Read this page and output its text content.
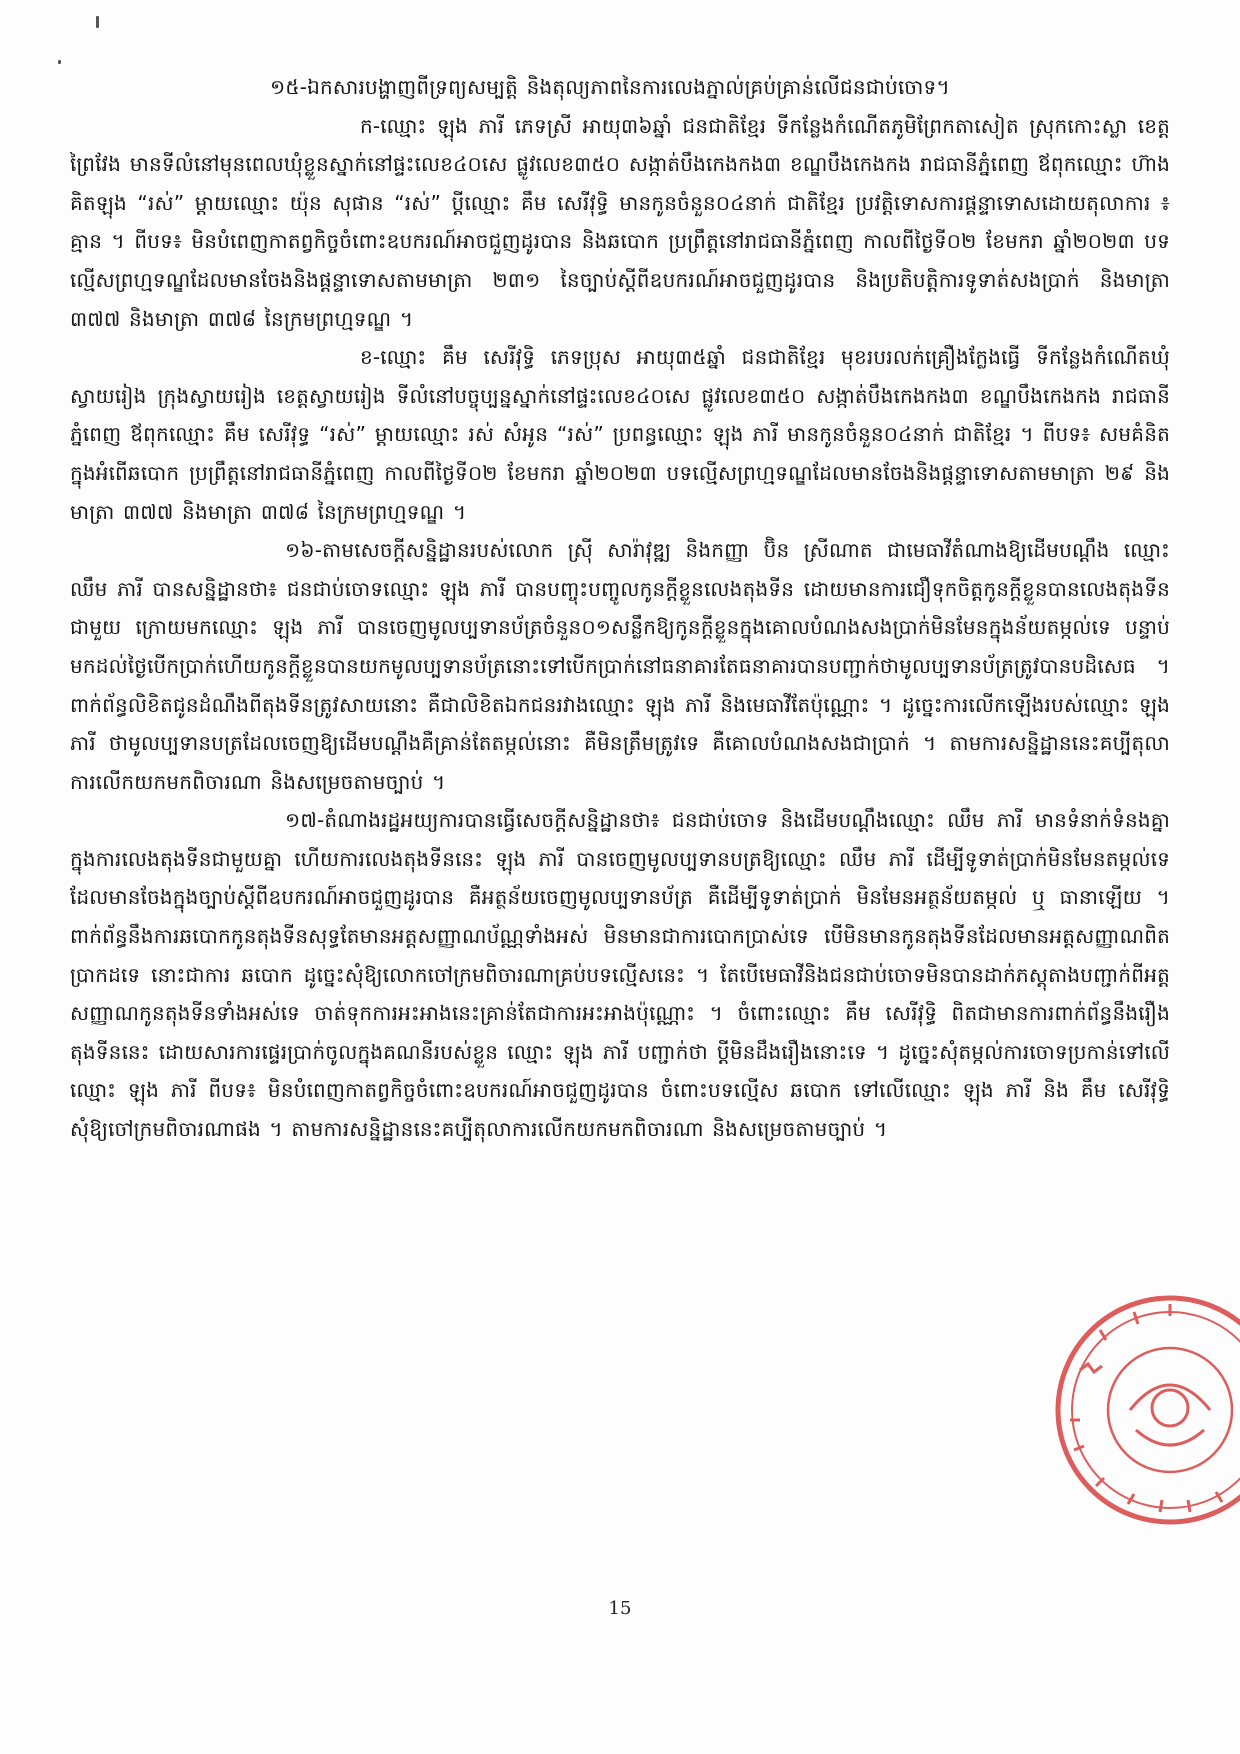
១៥-ឯកសារបង្ហាញពីទ្រព្យសម្បត្តិ និងតុល្យភាពនៃការលេងភ្នាល់គ្រប់គ្រាន់លើជនជាប់ចោទ។

ក-ឈ្មោះ ឡុង ភារី ភេទស្រី អាយុ៣៦ឆ្នាំ ជនជាតិខ្មែរ ទីកន្លែងកំណើតភូមិព្រែកតាសៀត ស្រុកកោះស្លា ខេត្តព្រៃវែង មានទីលំនៅមុនពេលឃុំខ្លួនស្នាក់នៅផ្ទះលេខ៤០សេ ផ្លូវលេខ៣៥០ សង្កាត់បឹងកេងកង៣ ខណ្ឌបឹងកេងកង រាជធានីភ្នំពេញ ឪពុកឈ្មោះ ហ៊ាង គិតឡុង “រស់” ម្ដាយឈ្មោះ យ៉ុន សុផាន “រស់” ប្ដីឈ្មោះ គឹម សេរីវុទ្ធិ មានកូនចំនួន០៤នាក់ ជាតិខ្មែរ ប្រវត្តិទោសការផ្តន្ទាទោសដោយតុលាការ ៖ គ្មាន ។ ពីបទ៖ មិនបំពេញកាតព្វកិច្ចចំពោះឧបករណ៍អាចជួញដូរបាន និងឆបោក ប្រព្រឹត្តនៅរាជធានីភ្នំពេញ កាលពីថ្ងៃទី០២ ខែមករា ឆ្នាំ២០២៣ បទល្មើសព្រហ្មទណ្ឌដែលមានចែងនិងផ្តន្ទាទោសតាមមាត្រា ២៣១ នៃច្បាប់ស្ដីពីឧបករណ៍អាចជួញដូរបាន និងប្រតិបត្តិការទូទាត់សងប្រាក់ និងមាត្រា ៣៧៧ និងមាត្រា ៣៧៨ នៃក្រមព្រហ្មទណ្ឌ ។

ខ-ឈ្មោះ គឹម សេរីវុទ្ធិ ភេទប្រុស អាយុ៣៥ឆ្នាំ ជនជាតិខ្មែរ មុខរបរលក់គ្រឿងក្លែងធ្វើ ទីកន្លែងកំណើតឃុំ ស្វាយរៀង ក្រុងស្វាយរៀង ខេត្តស្វាយរៀង ទីលំនៅបច្ចុប្បន្នស្នាក់នៅផ្ទះលេខ៤០សេ ផ្លូវលេខ៣៥០ សង្កាត់បឹងកេងកង៣ ខណ្ឌបឹងកេងកង រាជធានីភ្នំពេញ ឪពុកឈ្មោះ គឹម សេរីវុទ្ធ “រស់” ម្ដាយឈ្មោះ រស់ សំអូន “រស់” ប្រពន្ធឈ្មោះ ឡុង ភារី មានកូនចំនួន០៤នាក់ ជាតិខ្មែរ ។ ពីបទ៖ សមគំនិតក្នុងអំពើឆបោក ប្រព្រឹត្តនៅរាជធានីភ្នំពេញ កាលពីថ្ងៃទី០២ ខែមករា ឆ្នាំ២០២៣ បទល្មើសព្រហ្មទណ្ឌដែលមានចែងនិងផ្តន្ទាទោសតាមមាត្រា ២៩ និងមាត្រា ៣៧៧ និងមាត្រា ៣៧៨ នៃក្រមព្រហ្មទណ្ឌ ។

១៦-តាមសេចក្តីសន្និដ្ឋានរបស់លោក ស្រ៊ី សារ៉ាវុឌ្ឍ និងកញ្ញា ប៊ិន ស្រីណាត ជាមេធាវីតំណាងឱ្យដើមបណ្តឹង ឈ្មោះ ឈឹម ភារី បានសន្និដ្ឋានថា៖ ជនជាប់ចោទឈ្មោះ ឡុង ភារី បានបញ្ចុះបញ្ចូលកូនក្តីខ្លួនលេងតុងទីន ដោយមានការជឿទុកចិត្តកូនក្តីខ្លួនបានលេងតុងទីនជាមួយ ក្រោយមកឈ្មោះ ឡុង ភារី បានចេញមូលប្បទានប័ត្រចំនួន០១សន្លឹកឱ្យកូនក្តីខ្លួនក្នុងគោលបំណងសងប្រាក់មិនមែនក្នុងន័យតម្កល់ទេ បន្ទាប់មកដល់ថ្ងៃបើកប្រាក់ហើយកូនក្តីខ្លួនបានយកមូលប្បទានប័ត្រនោះទៅបើកប្រាក់នៅធនាគារតែធនាគារបានបញ្ជាក់ថាមូលប្បទានប័ត្រត្រូវបានបដិសេធ ។ ពាក់ព័ន្ធលិខិតជូនដំណឹងពីតុងទីនត្រូវសាយនោះ គឺជាលិខិតឯកជនរវាងឈ្មោះ ឡុង ភារី និងមេធាវីតែប៉ុណ្ណោះ ។ ដូច្នេះការលើកឡើងរបស់ឈ្មោះ ឡុង ភារី ថាមូលប្បទានបត្រដែលចេញឱ្យដើមបណ្តឹងគឺគ្រាន់តែតម្កល់នោះ គឺមិនត្រឹមត្រូវទេ គឺគោលបំណងសងជាប្រាក់ ។ តាមការសន្និដ្ឋាននេះគប្បីតុលាការលើកយកមកពិចារណា និងសម្រេចតាមច្បាប់ ។

១៧-តំណាងរដ្ឋអយ្យការបានធ្វើសេចក្តីសន្និដ្ឋានថា៖ ជនជាប់ចោទ និងដើមបណ្តឹងឈ្មោះ ឈឹម ភារី មានទំនាក់ទំនងគ្នាក្នុងការលេងតុងទីនជាមួយគ្នា ហើយការលេងតុងទីននេះ ឡុង ភារី បានចេញមូលប្បទានបត្រឱ្យឈ្មោះ ឈឹម ភារី ដើម្បីទូទាត់ប្រាក់មិនមែនតម្កល់ទេ ដែលមានចែងក្នុងច្បាប់ស្តីពីឧបករណ៍អាចជួញដូរបាន គឺអត្ថន័យចេញមូលប្បទានប័ត្រ គឺដើម្បីទូទាត់ប្រាក់ មិនមែនអត្ថន័យតម្កល់ ឬ ធានាឡើយ ។ ពាក់ព័ន្ធនឹងការឆបោកកូនតុងទីនសុទ្ធតែមានអត្តសញ្ញាណប័ណ្ណទាំងអស់ មិនមានជាការបោកប្រាស់ទេ បើមិនមានកូនតុងទីនដែលមានអត្តសញ្ញាណពិតប្រាកដទេ នោះជាការ ឆបោក ដូច្នេះសុំឱ្យលោកចៅក្រមពិចារណាគ្រប់បទល្មើសនេះ ។ តែបើមេធាវីនិងជនជាប់ចោទមិនបានដាក់ភស្តុតាងបញ្ជាក់ពីអត្តសញ្ញាណកូនតុងទីនទាំងអស់ទេ ចាត់ទុកការអះអាងនេះគ្រាន់តែជាការអះអាងប៉ុណ្ណោះ ។ ចំពោះឈ្មោះ គឹម សេរីវុទ្ធិ ពិតជាមានការពាក់ព័ន្ធនឹងរឿងតុងទីននេះ ដោយសារការផ្ទេរប្រាក់ចូលក្នុងគណនីរបស់ខ្លួន ឈ្មោះ ឡុង ភារី បញ្ជាក់ថា ប្តីមិនដឹងរឿងនោះទេ ។ ដូច្នេះសុំតម្កល់ការចោទប្រកាន់ទៅលើឈ្មោះ ឡុង ភារី ពីបទ៖ មិនបំពេញកាតព្វកិច្ចចំពោះឧបករណ៍អាចជួញដូរបាន ចំពោះបទល្មើស ឆបោក ទៅលើឈ្មោះ ឡុង ភារី និង គឹម សេរីវុទ្ធិ សុំឱ្យចៅក្រមពិចារណាផង ។ តាមការសន្និដ្ឋាននេះគប្បីតុលាការលើកយកមកពិចារណា និងសម្រេចតាមច្បាប់ ។

15
